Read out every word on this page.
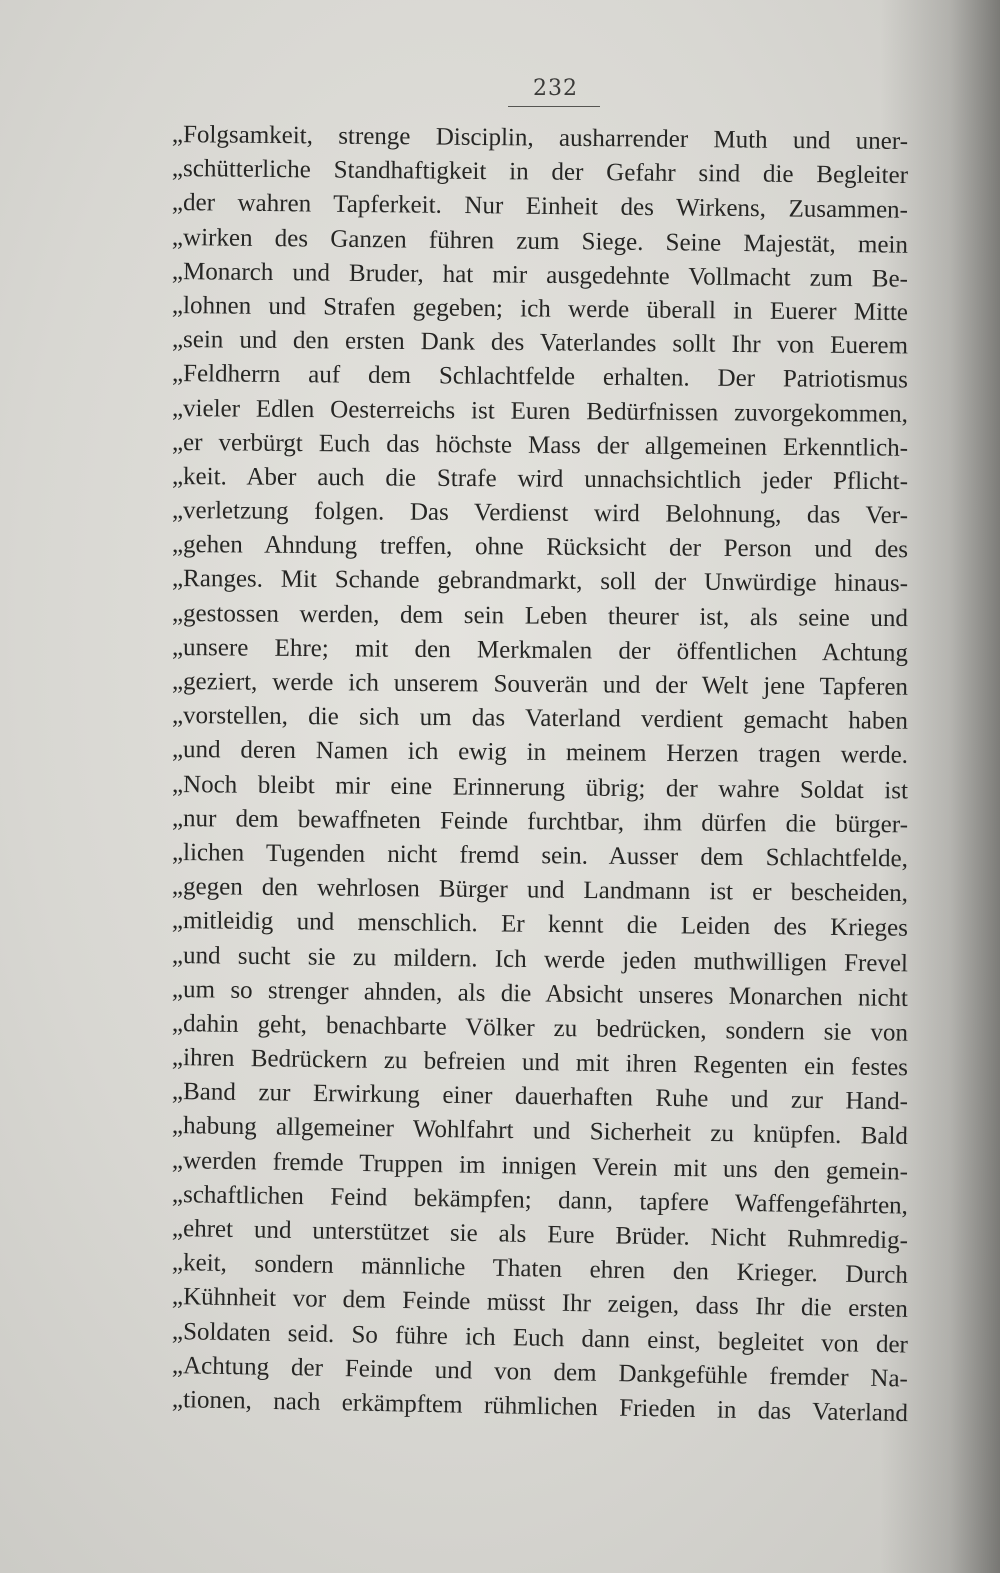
232
„Folgsamkeit, strenge Disciplin, ausharrender Muth und uner-
„schütterliche Standhaftigkeit in der Gefahr sind die Begleiter
„der wahren Tapferkeit. Nur Einheit des Wirkens, Zusammen-
„wirken des Ganzen führen zum Siege. Seine Majestät, mein
„Monarch und Bruder, hat mir ausgedehnte Vollmacht zum Be-
„lohnen und Strafen gegeben; ich werde überall in Euerer Mitte
„sein und den ersten Dank des Vaterlandes sollt Ihr von Euerem
„Feldherrn auf dem Schlachtfelde erhalten. Der Patriotismus
„vieler Edlen Oesterreichs ist Euren Bedürfnissen zuvorgekommen,
„er verbürgt Euch das höchste Mass der allgemeinen Erkenntlich-
„keit. Aber auch die Strafe wird unnachsichtlich jeder Pflicht-
„verletzung folgen. Das Verdienst wird Belohnung, das Ver-
„gehen Ahndung treffen, ohne Rücksicht der Person und des
„Ranges. Mit Schande gebrandmarkt, soll der Unwürdige hinaus-
„gestossen werden, dem sein Leben theurer ist, als seine und
„unsere Ehre; mit den Merkmalen der öffentlichen Achtung
„geziert, werde ich unserem Souverän und der Welt jene Tapferen
„vorstellen, die sich um das Vaterland verdient gemacht haben
„und deren Namen ich ewig in meinem Herzen tragen werde.
„Noch bleibt mir eine Erinnerung übrig; der wahre Soldat ist
„nur dem bewaffneten Feinde furchtbar, ihm dürfen die bürger-
„lichen Tugenden nicht fremd sein. Ausser dem Schlachtfelde,
„gegen den wehrlosen Bürger und Landmann ist er bescheiden,
„mitleidig und menschlich. Er kennt die Leiden des Krieges
„und sucht sie zu mildern. Ich werde jeden muthwilligen Frevel
„um so strenger ahnden, als die Absicht unseres Monarchen nicht
„dahin geht, benachbarte Völker zu bedrücken, sondern sie von
„ihren Bedrückern zu befreien und mit ihren Regenten ein festes
„Band zur Erwirkung einer dauerhaften Ruhe und zur Hand-
„habung allgemeiner Wohlfahrt und Sicherheit zu knüpfen. Bald
„werden fremde Truppen im innigen Verein mit uns den gemein-
„schaftlichen Feind bekämpfen; dann, tapfere Waffengefährten,
„ehret und unterstützet sie als Eure Brüder. Nicht Ruhmredig-
„keit, sondern männliche Thaten ehren den Krieger. Durch
„Kühnheit vor dem Feinde müsst Ihr zeigen, dass Ihr die ersten
„Soldaten seid. So führe ich Euch dann einst, begleitet von der
„Achtung der Feinde und von dem Dankgefühle fremder Na-
„tionen, nach erkämpftem rühmlichen Frieden in das Vaterland
